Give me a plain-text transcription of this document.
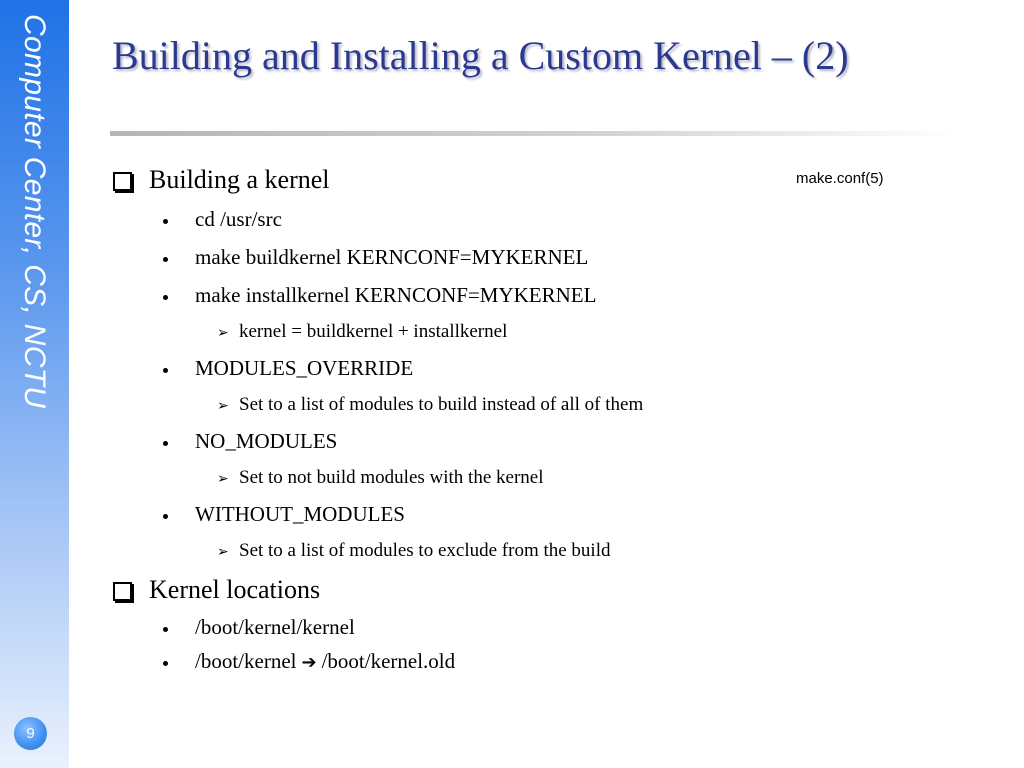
Computer Center, CS, NCTU
9
Building and Installing a Custom Kernel – (2)
make.conf(5)
Building a kernel
cd /usr/src
make buildkernel KERNCONF=MYKERNEL
make installkernel KERNCONF=MYKERNEL
➢ kernel = buildkernel + installkernel
MODULES_OVERRIDE
➢ Set to a list of modules to build instead of all of them
NO_MODULES
➢ Set to not build modules with the kernel
WITHOUT_MODULES
➢ Set to a list of modules to exclude from the build
Kernel locations
/boot/kernel/kernel
/boot/kernel ➔ /boot/kernel.old
